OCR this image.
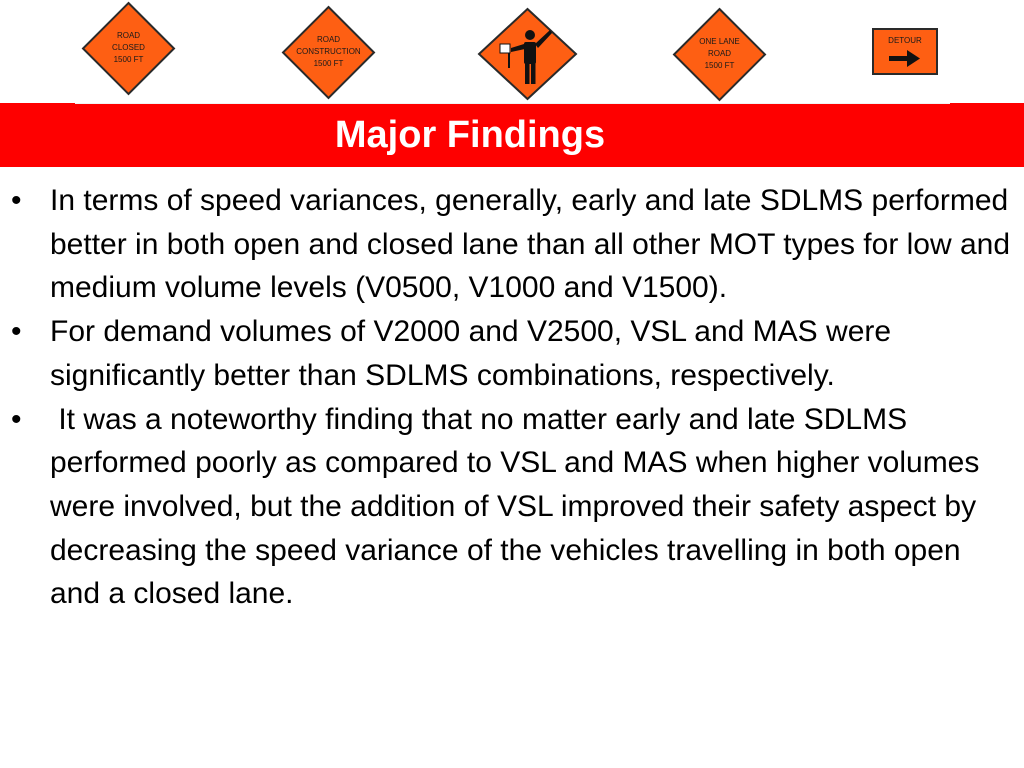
ROAD
CLOSED
1500 FT
ROAD
CONSTRUCTION
1500 FT
ONE LANE
ROAD
1500 FT
DETOUR
Major Findings
• In terms of speed variances, generally, early and late SDLMS performed better in both open and closed lane than all other MOT types for low and medium volume levels (V0500, V1000 and V1500).
• For demand volumes of V2000 and V2500, VSL and MAS were significantly better than SDLMS combinations, respectively.
• It was a noteworthy finding that no matter early and late SDLMS performed poorly as compared to VSL and MAS when higher volumes were involved, but the addition of VSL improved their safety aspect by decreasing the speed variance of the vehicles travelling in both open and a closed lane.
